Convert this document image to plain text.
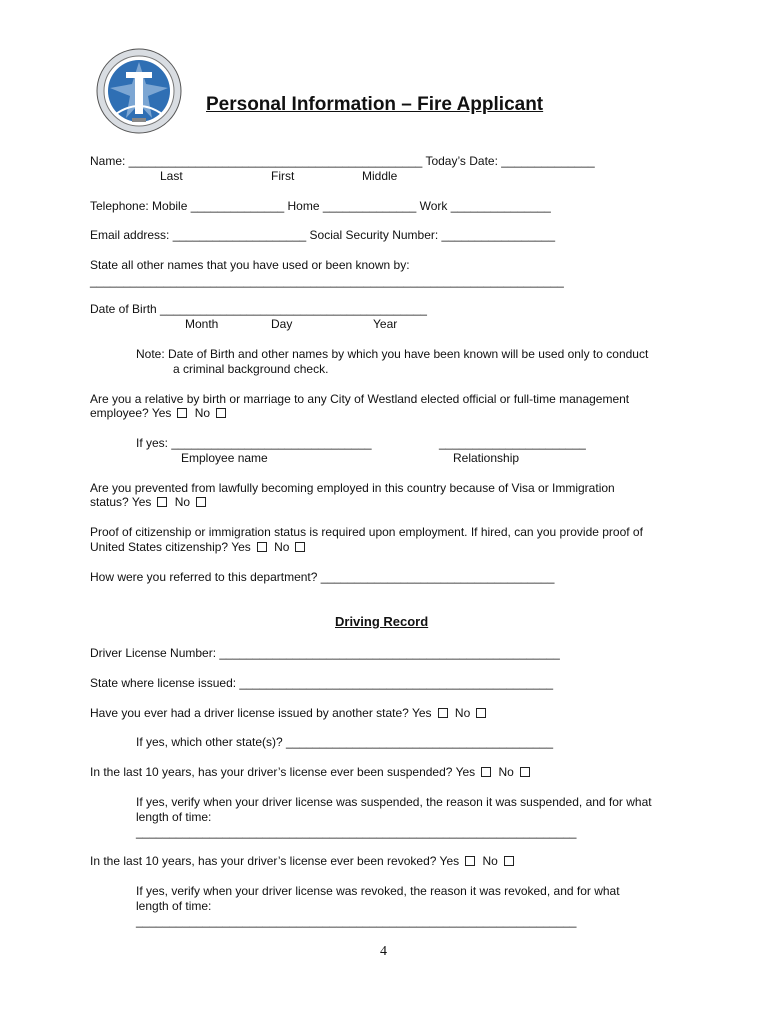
Personal Information – Fire Applicant
Name: ____________________________________________ Today’s Date: ______________
Last	First	Middle
Telephone: Mobile ______________ Home ______________ Work _______________
Email address: ____________________ Social Security Number: _________________
State all other names that you have used or been known by:
_______________________________________________________________________
Date of Birth ________________________________________
Month	Day	Year
Note: Date of Birth and other names by which you have been known will be used only to conduct
a criminal background check.
Are you a relative by birth or marriage to any City of Westland elected official or full-time management
employee? Yes No
If yes: ______________________________	______________________
Employee name	Relationship
Are you prevented from lawfully becoming employed in this country because of Visa or Immigration
status? Yes No
Proof of citizenship or immigration status is required upon employment. If hired, can you provide proof of
United States citizenship? Yes No
How were you referred to this department? ___________________________________
Driving Record
Driver License Number: ___________________________________________________
State where license issued: _______________________________________________
Have you ever had a driver license issued by another state? Yes No
If yes, which other state(s)? ________________________________________
In the last 10 years, has your driver’s license ever been suspended? Yes No
If yes, verify when your driver license was suspended, the reason it was suspended, and for what
length of time:
__________________________________________________________________
In the last 10 years, has your driver’s license ever been revoked? Yes No
If yes, verify when your driver license was revoked, the reason it was revoked, and for what
length of time:
__________________________________________________________________
4
